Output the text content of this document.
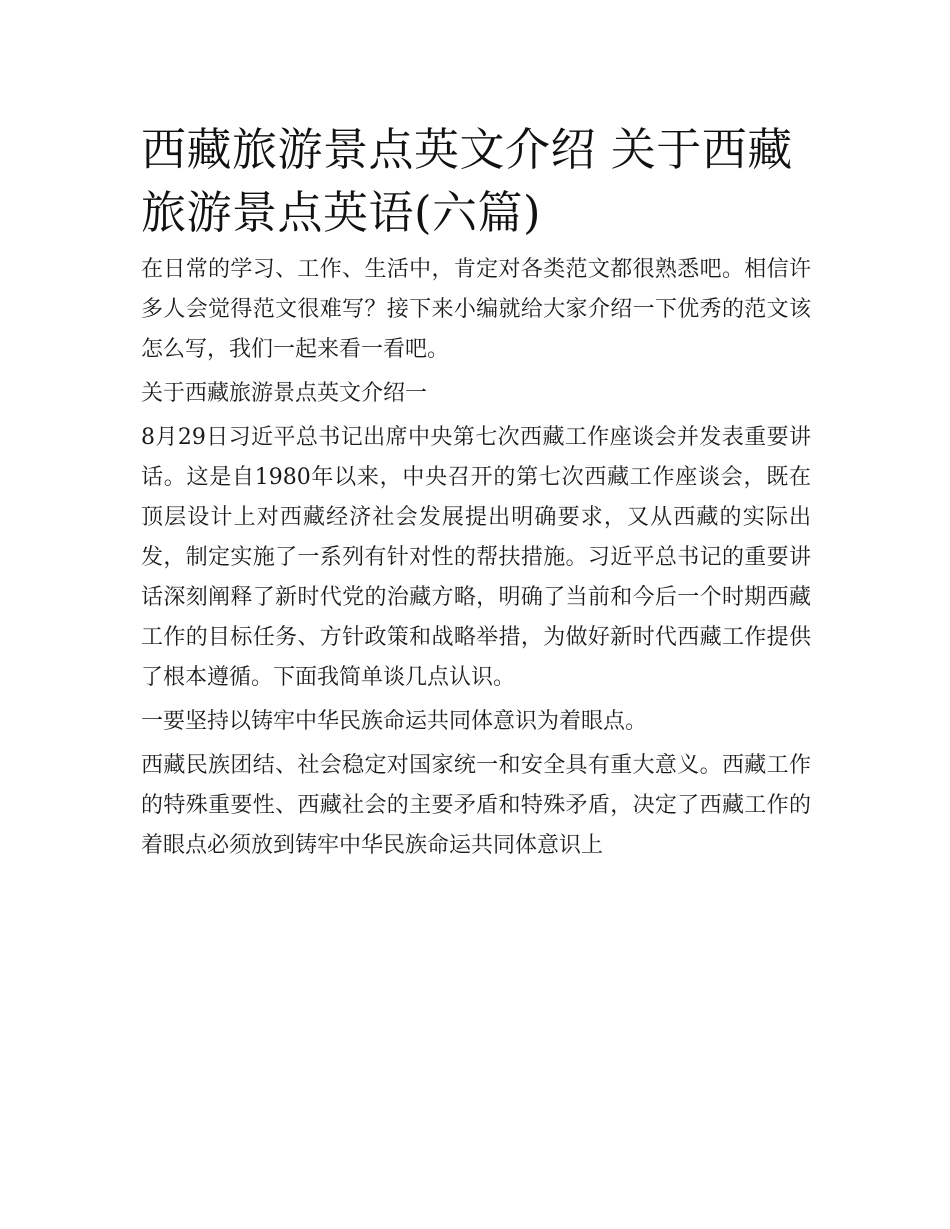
西藏旅游景点英文介绍 关于西藏旅游景点英语(六篇)

在日常的学习、工作、生活中，肯定对各类范文都很熟悉吧。相信许多人会觉得范文很难写？接下来小编就给大家介绍一下优秀的范文该怎么写，我们一起来看一看吧。

关于西藏旅游景点英文介绍一

8月29日习近平总书记出席中央第七次西藏工作座谈会并发表重要讲话。这是自1980年以来，中央召开的第七次西藏工作座谈会，既在顶层设计上对西藏经济社会发展提出明确要求，又从西藏的实际出发，制定实施了一系列有针对性的帮扶措施。习近平总书记的重要讲话深刻阐释了新时代党的治藏方略，明确了当前和今后一个时期西藏工作的目标任务、方针政策和战略举措，为做好新时代西藏工作提供了根本遵循。下面我简单谈几点认识。

一要坚持以铸牢中华民族命运共同体意识为着眼点。

西藏民族团结、社会稳定对国家统一和安全具有重大意义。西藏工作的特殊重要性、西藏社会的主要矛盾和特殊矛盾，决定了西藏工作的着眼点必须放到铸牢中华民族命运共同体意识上
